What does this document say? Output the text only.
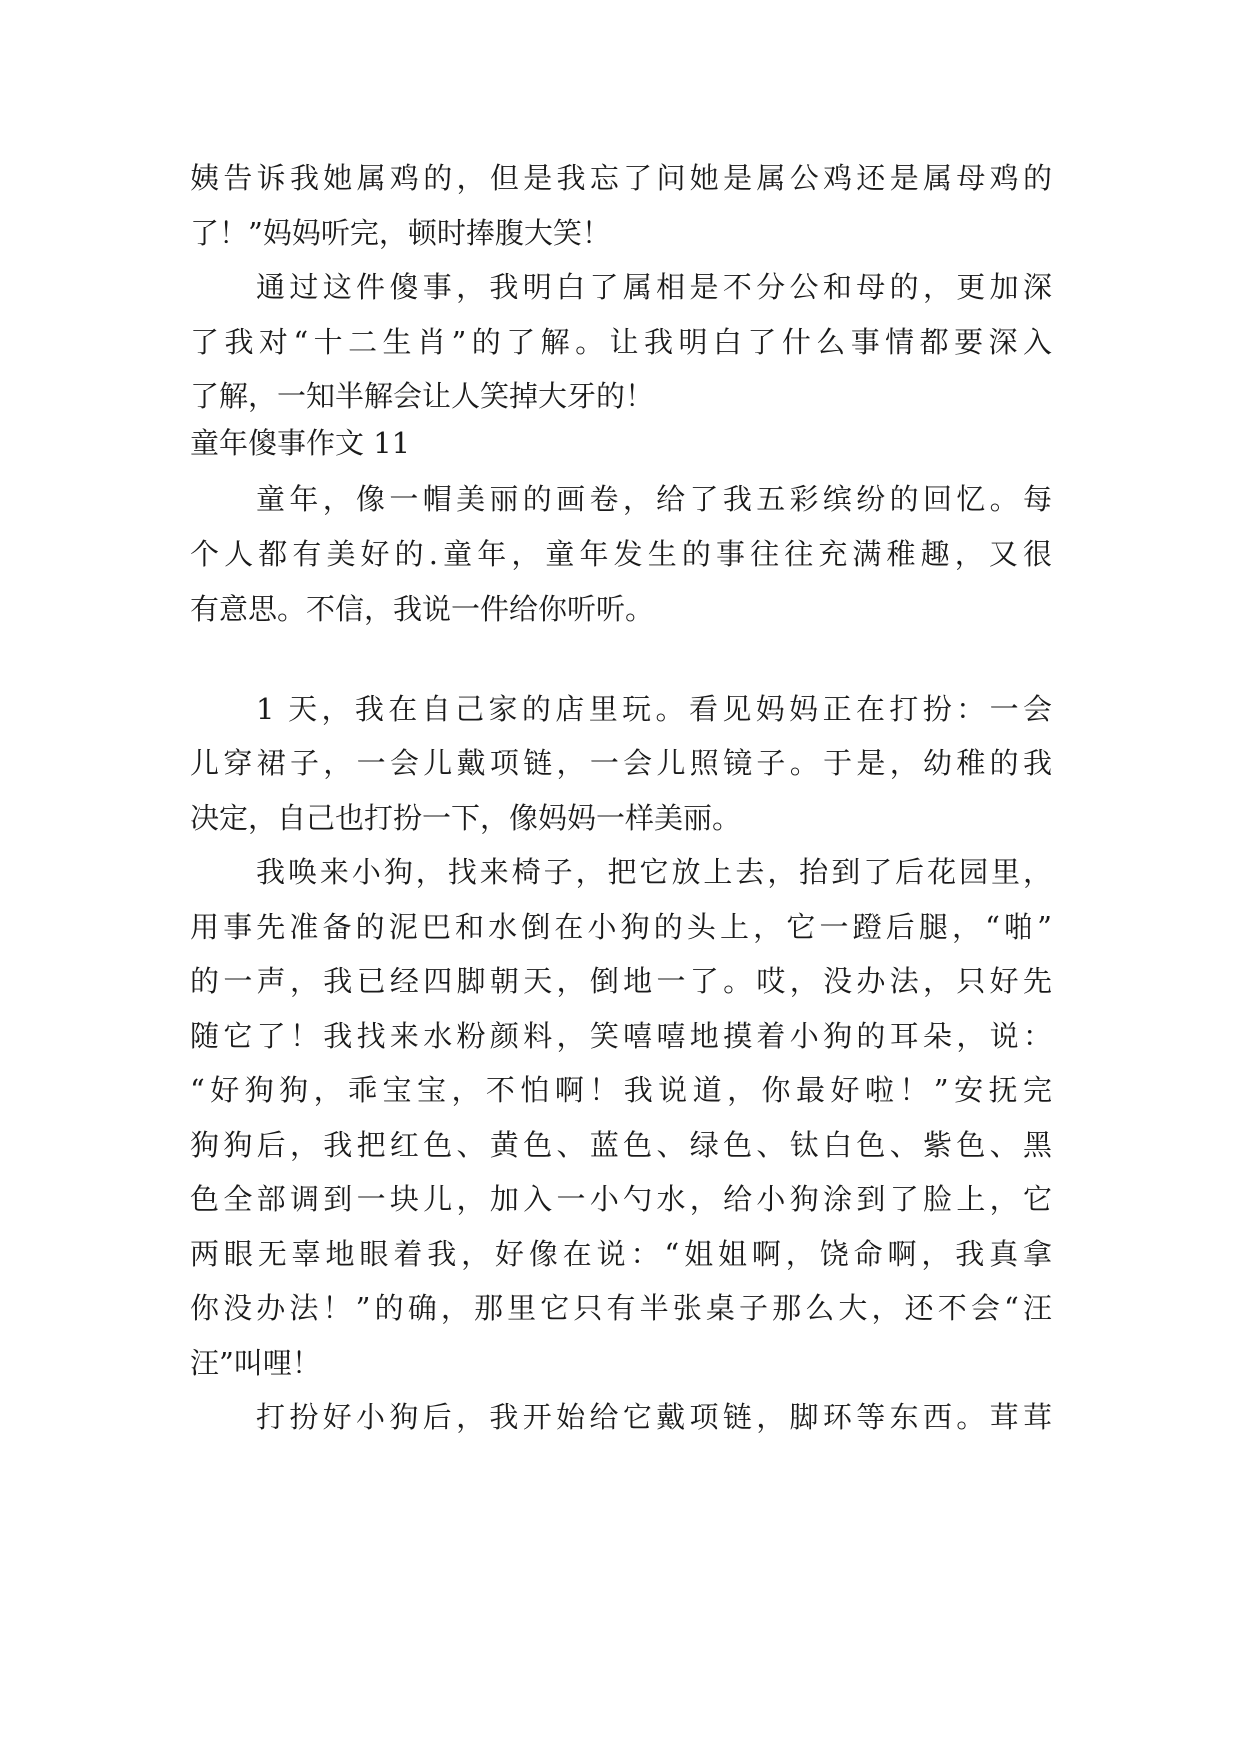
姨告诉我她属鸡的，但是我忘了问她是属公鸡还是属母鸡的
了！”妈妈听完，顿时捧腹大笑！
通过这件傻事，我明白了属相是不分公和母的，更加深
了我对“十二生肖”的了解。让我明白了什么事情都要深入
了解，一知半解会让人笑掉大牙的！
童年傻事作文 11
童年，像一帽美丽的画卷，给了我五彩缤纷的回忆。每
个人都有美好的.童年，童年发生的事往往充满稚趣，又很
有意思。不信，我说一件给你听听。
1 天，我在自己家的店里玩。看见妈妈正在打扮：一会
儿穿裙子，一会儿戴项链，一会儿照镜子。于是，幼稚的我
决定，自己也打扮一下，像妈妈一样美丽。
我唤来小狗，找来椅子，把它放上去，抬到了后花园里，
用事先准备的泥巴和水倒在小狗的头上，它一蹬后腿，“啪”
的一声，我已经四脚朝天，倒地一了。哎，没办法，只好先
随它了！我找来水粉颜料，笑嘻嘻地摸着小狗的耳朵，说：
“好狗狗，乖宝宝，不怕啊！我说道，你最好啦！”安抚完
狗狗后，我把红色、黄色、蓝色、绿色、钛白色、紫色、黑
色全部调到一块儿，加入一小勺水，给小狗涂到了脸上，它
两眼无辜地眼着我，好像在说：“姐姐啊，饶命啊，我真拿
你没办法！”的确，那里它只有半张桌子那么大，还不会“汪
汪”叫哩！
打扮好小狗后，我开始给它戴项链，脚环等东西。茸茸
